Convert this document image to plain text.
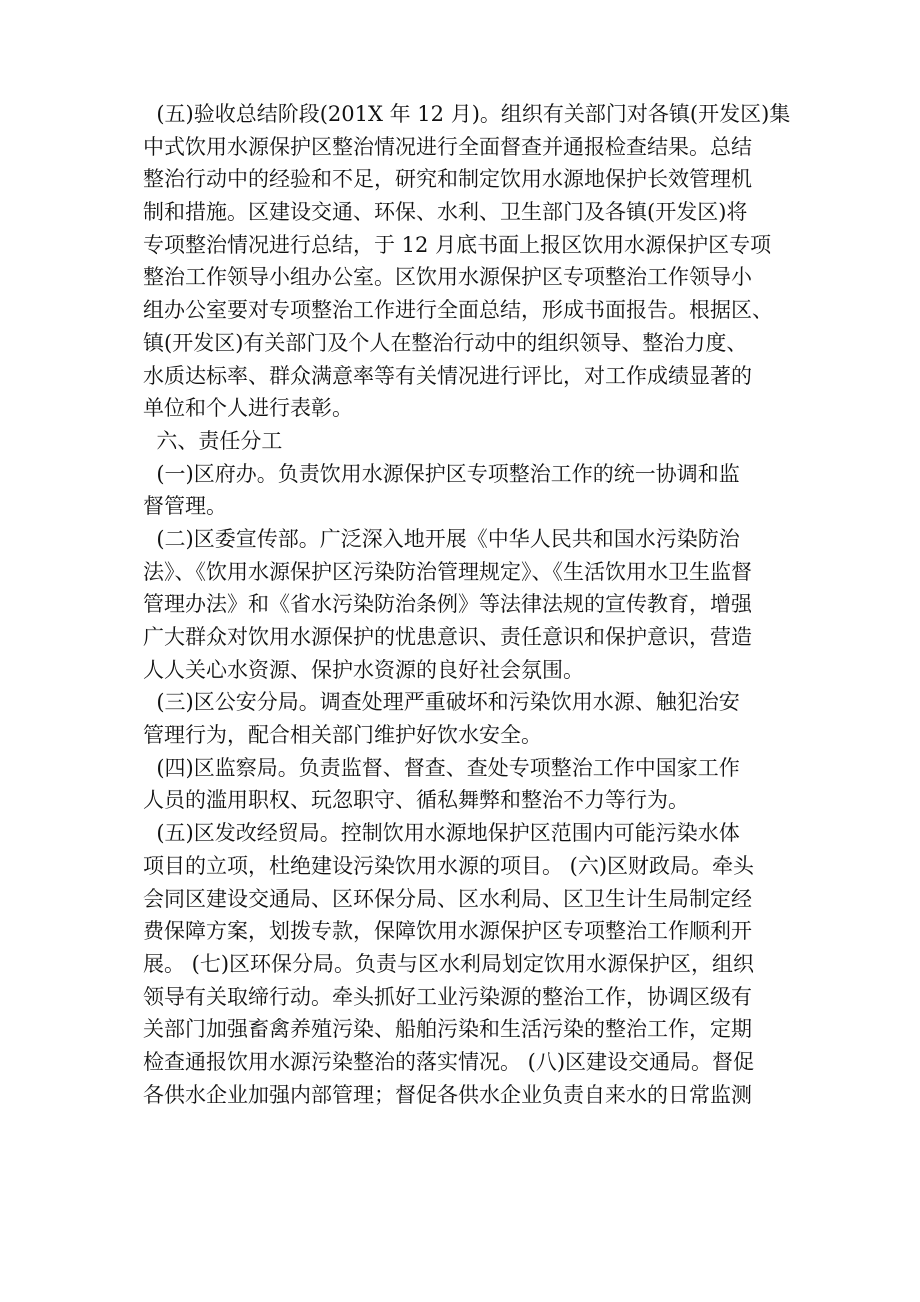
(五)验收总结阶段(201X 年 12 月)。组织有关部门对各镇(开发区)集
中式饮用水源保护区整治情况进行全面督查并通报检查结果。总结
整治行动中的经验和不足，研究和制定饮用水源地保护长效管理机
制和措施。区建设交通、环保、水利、卫生部门及各镇(开发区)将
专项整治情况进行总结，于 12 月底书面上报区饮用水源保护区专项
整治工作领导小组办公室。区饮用水源保护区专项整治工作领导小
组办公室要对专项整治工作进行全面总结，形成书面报告。根据区、
镇(开发区)有关部门及个人在整治行动中的组织领导、整治力度、
水质达标率、群众满意率等有关情况进行评比，对工作成绩显著的
单位和个人进行表彰。
六、责任分工
(一)区府办。负责饮用水源保护区专项整治工作的统一协调和监
督管理。
(二)区委宣传部。广泛深入地开展《中华人民共和国水污染防治
法》、《饮用水源保护区污染防治管理规定》、《生活饮用水卫生监督
管理办法》和《省水污染防治条例》等法律法规的宣传教育，增强
广大群众对饮用水源保护的忧患意识、责任意识和保护意识，营造
人人关心水资源、保护水资源的良好社会氛围。
(三)区公安分局。调查处理严重破坏和污染饮用水源、触犯治安
管理行为，配合相关部门维护好饮水安全。
(四)区监察局。负责监督、督查、查处专项整治工作中国家工作
人员的滥用职权、玩忽职守、循私舞弊和整治不力等行为。
(五)区发改经贸局。控制饮用水源地保护区范围内可能污染水体
项目的立项，杜绝建设污染饮用水源的项目。 (六)区财政局。牵头
会同区建设交通局、区环保分局、区水利局、区卫生计生局制定经
费保障方案，划拨专款，保障饮用水源保护区专项整治工作顺利开
展。 (七)区环保分局。负责与区水利局划定饮用水源保护区，组织
领导有关取缔行动。牵头抓好工业污染源的整治工作，协调区级有
关部门加强畜禽养殖污染、船舶污染和生活污染的整治工作，定期
检查通报饮用水源污染整治的落实情况。 (八)区建设交通局。督促
各供水企业加强内部管理；督促各供水企业负责自来水的日常监测
